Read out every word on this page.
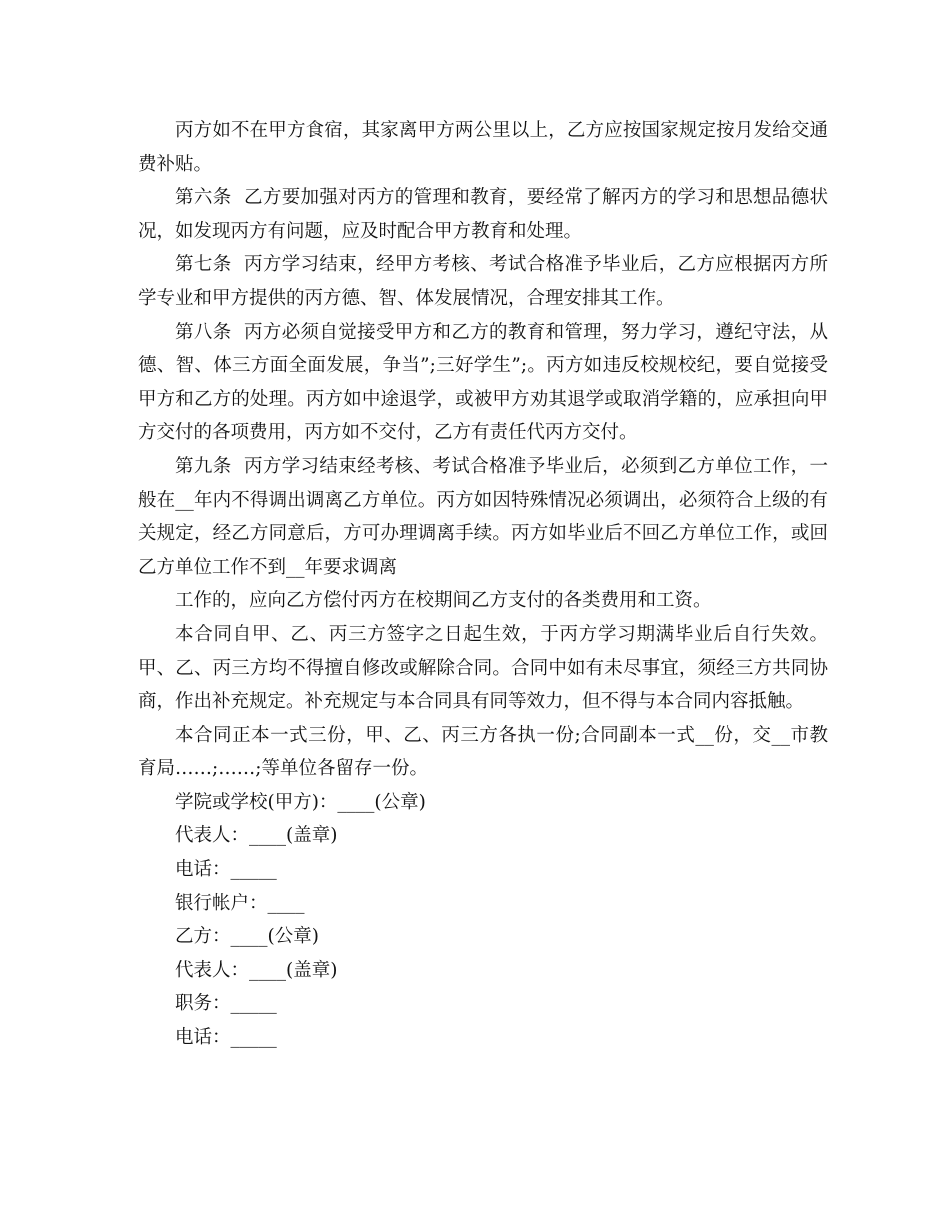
丙方如不在甲方食宿，其家离甲方两公里以上，乙方应按国家规定按月发给交通费补贴。

第六条  乙方要加强对丙方的管理和教育，要经常了解丙方的学习和思想品德状况，如发现丙方有问题，应及时配合甲方教育和处理。

第七条  丙方学习结束，经甲方考核、考试合格准予毕业后，乙方应根据丙方所学专业和甲方提供的丙方德、智、体发展情况，合理安排其工作。

第八条  丙方必须自觉接受甲方和乙方的教育和管理，努力学习，遵纪守法，从德、智、体三方面全面发展，争当”;三好学生”;。丙方如违反校规校纪，要自觉接受甲方和乙方的处理。丙方如中途退学，或被甲方劝其退学或取消学籍的，应承担向甲方交付的各项费用，丙方如不交付，乙方有责任代丙方交付。

第九条  丙方学习结束经考核、考试合格准予毕业后，必须到乙方单位工作，一般在__年内不得调出调离乙方单位。丙方如因特殊情况必须调出，必须符合上级的有关规定，经乙方同意后，方可办理调离手续。丙方如毕业后不回乙方单位工作，或回乙方单位工作不到__年要求调离

工作的，应向乙方偿付丙方在校期间乙方支付的各类费用和工资。

本合同自甲、乙、丙三方签字之日起生效，于丙方学习期满毕业后自行失效。甲、乙、丙三方均不得擅自修改或解除合同。合同中如有未尽事宜，须经三方共同协商，作出补充规定。补充规定与本合同具有同等效力，但不得与本合同内容抵触。

本合同正本一式三份，甲、乙、丙三方各执一份;合同副本一式__份，交__市教育局……;……;等单位各留存一份。

学院或学校(甲方)：____(公章)

代表人：____(盖章)

电话：_____

银行帐户：____

乙方：____(公章)

代表人：____(盖章)

职务：_____

电话：_____
